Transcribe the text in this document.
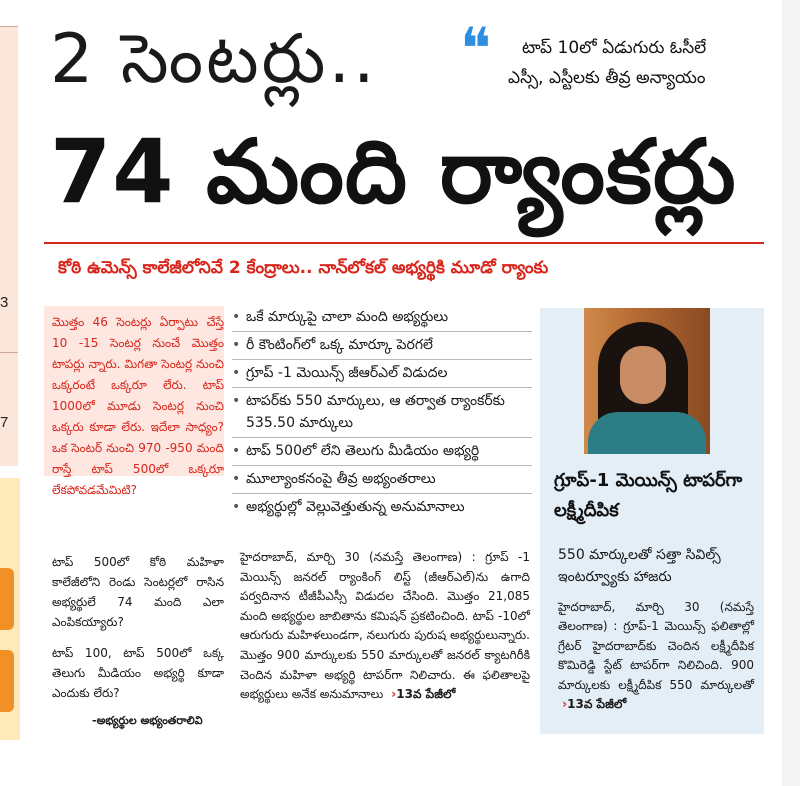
3
7
2 సెంటర్లు..
74 మంది ర్యాంకర్లు
❝ టాప్ 10లో ఏడుగురు ఓసీలే
ఎస్సీ, ఎస్టీలకు తీవ్ర అన్యాయం
కోఠి ఉమెన్స్ కాలేజీలోనివే 2 కేంద్రాలు.. నాన్‌లోకల్ అభ్యర్థికి మూడో ర్యాంకు
మొత్తం 46 సెంటర్లు ఏర్పాటు చేస్తే 10 -15 సెంటర్ల నుంచే మొత్తం టాపర్లు న్నారు. మిగతా సెంటర్ల నుంచి ఒక్కరంటే ఒక్కరూ లేరు. టాప్ 1000లో మూడు సెంటర్ల నుంచి ఒక్కరు కూడా లేరు. ఇదేలా సాధ్యం? ఒక సెంటర్ నుంచి 970 -950 మంది రాస్తే టాప్ 500లో ఒక్కరూ లేకపోవడమేమిటి?
టాప్ 500లో కోఠి మహిళా కాలేజీలోని రెండు సెంటర్లలో రాసిన అభ్యర్థులే 74 మంది ఎలా ఎంపికయ్యారు?
టాప్ 100, టాప్ 500లో ఒక్క తెలుగు మీడియం అభ్యర్థి కూడా ఎందుకు లేరు?
-అభ్యర్థుల అభ్యంతరాలివి
• ఒకే మార్కుపై చాలా మంది అభ్యర్థులు
• రీ కౌంటింగ్‌లో ఒక్క మార్కూ పెరగలే
• గ్రూప్ -1 మెయిన్స్ జీఆర్ఎల్ విడుదల
• టాపర్‌కు 550 మార్కులు, ఆ తర్వాత ర్యాంకర్‌కు 535.50 మార్కులు
• టాప్ 500లో లేని తెలుగు మీడియం అభ్యర్థి
• మూల్యాంకనంపై తీవ్ర అభ్యంతరాలు
• అభ్యర్థుల్లో వెల్లువెత్తుతున్న అనుమానాలు
హైదరాబాద్, మార్చి 30 (నమస్తే తెలంగాణ) : గ్రూప్ -1 మెయిన్స్ జనరల్ ర్యాంకింగ్ లిస్ట్ (జీఆర్ఎల్)ను ఉగాది పర్వదినాన టీజీపీఎస్సీ విడుదల చేసింది. మొత్తం 21,085 మంది అభ్యర్థుల జాబితాను కమిషన్ ప్రకటించింది. టాప్ -10లో ఆరుగురు మహిళలుండగా, నలుగురు పురుష అభ్యర్థులున్నారు. మొత్తం 900 మార్కులకు 550 మార్కులతో జనరల్ క్యాటగిరీకి చెందిన మహిళా అభ్యర్థి టాపర్‌గా నిలిచారు. ఈ ఫలితాలపై అభ్యర్థులు అనేక అనుమానాలు  ›13వ పేజీలో
గ్రూప్-1 మెయిన్స్ టాపర్‌గా లక్ష్మీదీపిక
550 మార్కులతో సత్తా సివిల్స్ ఇంటర్వ్యూకు హాజరు
హైదరాబాద్, మార్చి 30 (నమస్తే తెలంగాణ) : గ్రూప్-1 మెయిన్స్ ఫలితాల్లో గ్రేటర్ హైదరాబాద్‌కు చెందిన లక్ష్మీదీపిక కొమిరెడ్డి స్టేట్ టాపర్‌గా నిలిచింది. 900 మార్కులకు లక్ష్మీదీపిక 550 మార్కులతో  ›13వ పేజీలో
